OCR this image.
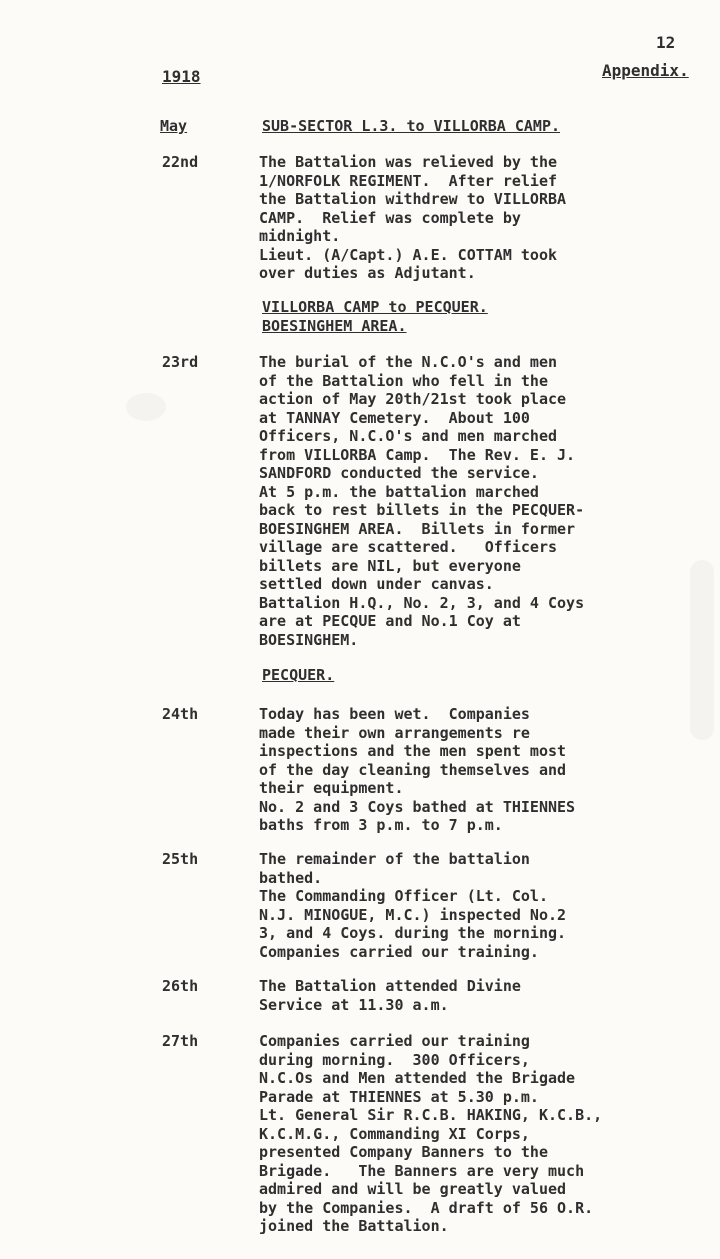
12
Appendix.
1918
May	SUB-SECTOR L.3. to VILLORBA CAMP.
22nd	The Battalion was relieved by the
1/NORFOLK REGIMENT.  After relief
the Battalion withdrew to VILLORBA
CAMP.  Relief was complete by
midnight.
Lieut. (A/Capt.) A.E. COTTAM took
over duties as Adjutant.
VILLORBA CAMP to PECQUER.
BOESINGHEM AREA.
23rd	The burial of the N.C.O's and men
of the Battalion who fell in the
action of May 20th/21st took place
at TANNAY Cemetery.  About 100
Officers, N.C.O's and men marched
from VILLORBA Camp.  The Rev. E. J.
SANDFORD conducted the service.
At 5 p.m. the battalion marched
back to rest billets in the PECQUER-
BOESINGHEM AREA.  Billets in former
village are scattered.   Officers
billets are NIL, but everyone
settled down under canvas.
Battalion H.Q., No. 2, 3, and 4 Coys
are at PECQUE and No.1 Coy at
BOESINGHEM.
PECQUER.
24th	Today has been wet.  Companies
made their own arrangements re
inspections and the men spent most
of the day cleaning themselves and
their equipment.
No. 2 and 3 Coys bathed at THIENNES
baths from 3 p.m. to 7 p.m.
25th	The remainder of the battalion
bathed.
The Commanding Officer (Lt. Col.
N.J. MINOGUE, M.C.) inspected No.2
3, and 4 Coys. during the morning.
Companies carried our training.
26th	The Battalion attended Divine
Service at 11.30 a.m.
27th	Companies carried our training
during morning.  300 Officers,
N.C.Os and Men attended the Brigade
Parade at THIENNES at 5.30 p.m.
Lt. General Sir R.C.B. HAKING, K.C.B.,
K.C.M.G., Commanding XI Corps,
presented Company Banners to the
Brigade.   The Banners are very much
admired and will be greatly valued
by the Companies.  A draft of 56 O.R.
joined the Battalion.
